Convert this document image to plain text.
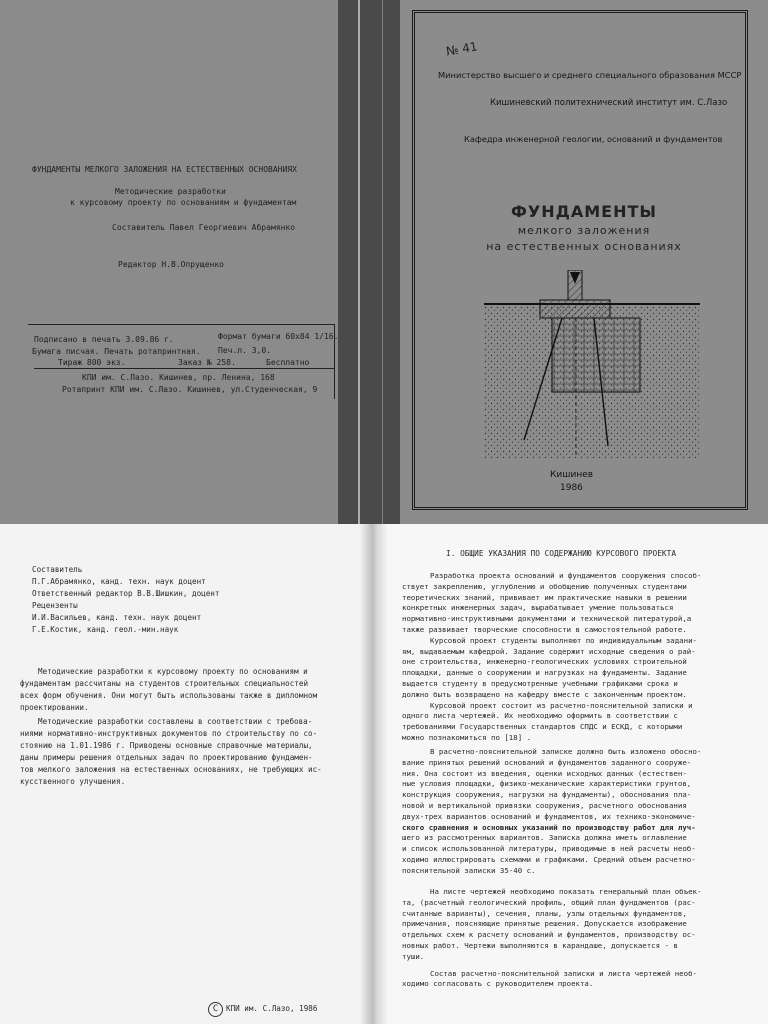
ФУНДАМЕНТЫ МЕЛКОГО ЗАЛОЖЕНИЯ НА ЕСТЕСТВЕННЫХ ОСНОВАНИЯХ
Методические разработки
к курсовому проекту по основаниям и фундаментам
Составитель Павел Георгиевич Абрамянко
Редактор Н.В.Опрущенко
Подписано в печать 3.09.86 г.	Формат бумаги 60х84 1/16.
Бумага писчая. Печать ротапринтная. Печ.л. 3,0.
Тираж 800 экз.	Заказ № 258.	Бесплатно
КПИ им. С.Лазо. Кишинев, пр. Ленина, 168
Ротапринт КПИ им. С.Лазо. Кишинев, ул.Студенческая, 9
№ 41
Министерство высшего и среднего специального образования МССР
Кишиневский политехнический институт им. С.Лазо
Кафедра инженерной геологии, оснований и фундаментов
ФУНДАМЕНТЫ
мелкого заложения
на естественных основаниях
Кишинев
1986
Составитель
П.Г.Абрамянко, канд. техн. наук доцент
Ответственный редактор В.В.Шишкин, доцент
Рецензенты
И.И.Васильев, канд. техн. наук доцент
Г.Е.Костик, канд. геол.-мин.наук
Методические разработки к курсовому проекту по основаниям и
фундаментам рассчитаны на студентов строительных специальностей
всех форм обучения. Они могут быть использованы также в дипломном
проектировании.
Методические разработки составлены в соответствии с требова-
ниями нормативно-инструктивных документов по строительству по со-
стоянию на 1.01.1986 г. Приводены основные справочные материалы,
даны примеры решения отдельных задач по проектированию фундамен-
тов мелкого заложения на естественных основаниях, не требующих ис-
кусственного улучшения.
C	КПИ им. С.Лазо, 1986
I. ОБЩИЕ УКАЗАНИЯ ПО СОДЕРЖАНИЮ КУРСОВОГО ПРОЕКТА
Разработка проекта оснований и фундаментов сооружения способ-
ствует закреплению, углублению и обобщению полученных студентами
теоретических знаний, прививает им практические навыки в решении
конкретных инженерных задач, вырабатывает умение пользоваться
нормативно-инструктивными документами и технической литературой,а
также развивает творческие способности в самостоятельной работе.
Курсовой проект студенты выполняют по индивидуальным задани-
ям, выдаваемым кафедрой. Задание содержит исходные сведения о рай-
оне строительства, инженерно-геологических условиях строительной
площадки, данные о сооружении и нагрузках на фундаменты. Задание
выдается студенту в предусмотренные учебными графиками срока и
должно быть возвращено на кафедру вместе с законченным проектом.
Курсовой проект состоит из расчетно-пояснительной записки и
одного листа чертежей. Их необходимо оформить в соответствии с
требованиями Государственных стандартов СПДС и ЕСКД, с которыми
можно познакомиться по [18] .
В расчетно-пояснительной записке должно быть изложено обосно-
вание принятых решений оснований и фундаментов заданного сооруже-
ния. Она состоит из введения, оценки исходных данных (естествен-
ные условия площадки, физико-механические характеристики грунтов,
конструкция сооружения, нагрузки на фундаменты), обоснования пла-
новой и вертикальной привязки сооружения, расчетного обоснования
двух-трех вариантов оснований и фундаментов, их технико-экономиче-
ского сравнения и основных указаний по производству работ для луч-
шего из рассмотренных вариантов. Записка должна иметь оглавление
и список использованной литературы, приводимые в ней расчеты необ-
ходимо иллюстрировать схемами и графиками. Средний объем расчетно-
пояснительной записки 35-40 с.
На листе чертежей необходимо показать генеральный план объек-
та, (расчетный геологический профиль, общий план фундаментов (рас-
считанные варианты), сечения, планы, узлы отдельных фундаментов,
примечания, поясняющие принятые решения. Допускается изображение
отдельных схем к расчету оснований и фундаментов, производству ос-
новных работ. Чертежи выполняются в карандаше, допускается - в
туши.
Состав расчетно-пояснительной записки и листа чертежей необ-
ходимо согласовать с руководителем проекта.
